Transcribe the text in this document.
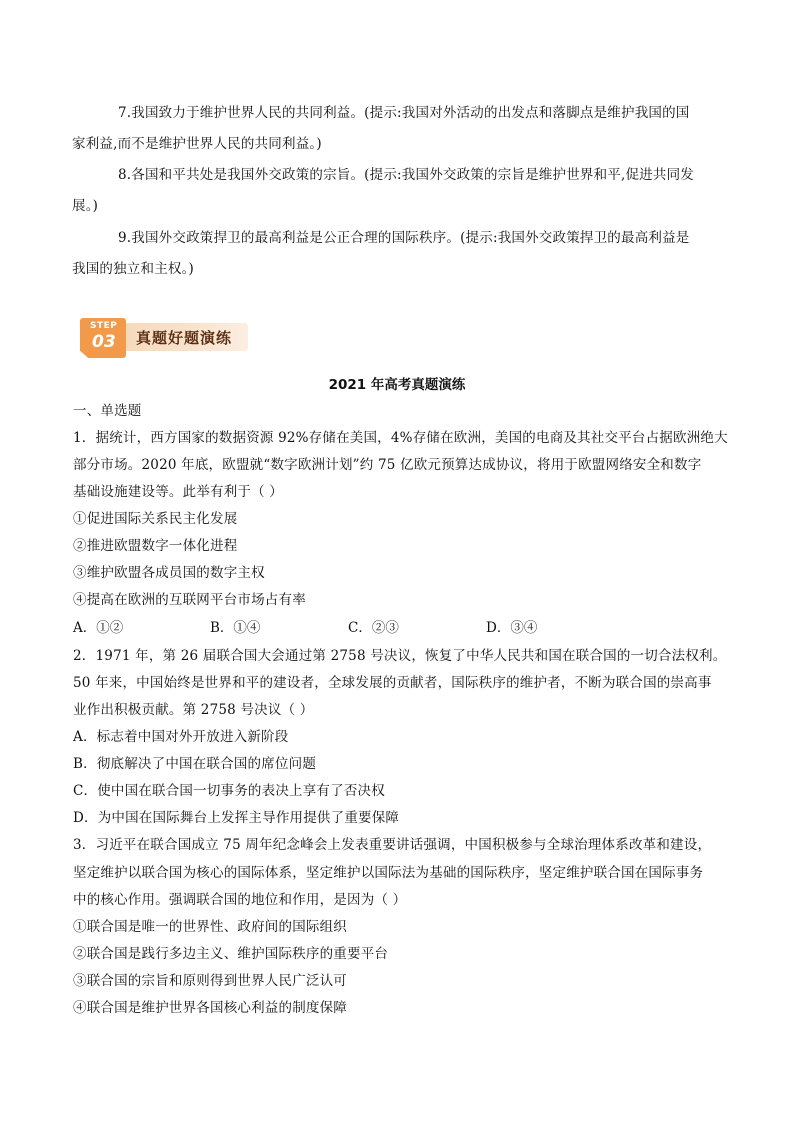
7.我国致力于维护世界人民的共同利益。(提示:我国对外活动的出发点和落脚点是维护我国的国
家利益,而不是维护世界人民的共同利益。)
8.各国和平共处是我国外交政策的宗旨。(提示:我国外交政策的宗旨是维护世界和平,促进共同发
展。)
9.我国外交政策捍卫的最高利益是公正合理的国际秩序。(提示:我国外交政策捍卫的最高利益是
我国的独立和主权。)
STEP
03 真题好题演练
2021 年高考真题演练
一、单选题
1．据统计，西方国家的数据资源 92%存储在美国，4%存储在欧洲，美国的电商及其社交平台占据欧洲绝大
部分市场。2020 年底，欧盟就“数字欧洲计划”约 75 亿欧元预算达成协议，将用于欧盟网络安全和数字
基础设施建设等。此举有利于（ ）
①促进国际关系民主化发展
②推进欧盟数字一体化进程
③维护欧盟各成员国的数字主权
④提高在欧洲的互联网平台市场占有率
A．①②	B．①④	C．②③	D．③④
2．1971 年，第 26 届联合国大会通过第 2758 号决议，恢复了中华人民共和国在联合国的一切合法权利。
50 年来，中国始终是世界和平的建设者，全球发展的贡献者，国际秩序的维护者，不断为联合国的崇高事
业作出积极贡献。第 2758 号决议（ ）
A．标志着中国对外开放进入新阶段
B．彻底解决了中国在联合国的席位问题
C．使中国在联合国一切事务的表决上享有了否决权
D．为中国在国际舞台上发挥主导作用提供了重要保障
3．习近平在联合国成立 75 周年纪念峰会上发表重要讲话强调，中国积极参与全球治理体系改革和建设，
坚定维护以联合国为核心的国际体系，坚定维护以国际法为基础的国际秩序，坚定维护联合国在国际事务
中的核心作用。强调联合国的地位和作用，是因为（ ）
①联合国是唯一的世界性、政府间的国际组织
②联合国是践行多边主义、维护国际秩序的重要平台
③联合国的宗旨和原则得到世界人民广泛认可
④联合国是维护世界各国核心利益的制度保障
